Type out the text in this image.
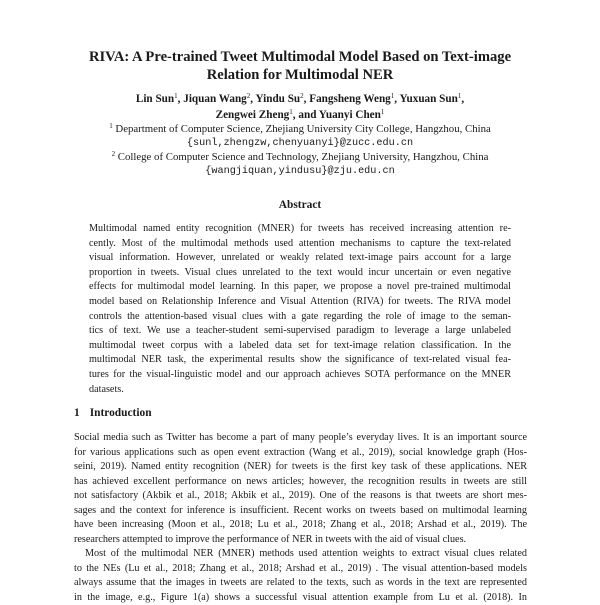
RIVA: A Pre-trained Tweet Multimodal Model Based on Text-image
Relation for Multimodal NER
Lin Sun$^1$, Jiquan Wang$^2$, Yindu Su$^2$, Fangsheng Weng$^1$, Yuxuan Sun$^1$,
Zengwei Zheng$^1$, and Yuanyi Chen$^1$
$^1$ Department of Computer Science, Zhejiang University City College, Hangzhou, China
{sunl,zhengzw,chenyuanyi}@zucc.edu.cn
$^2$ College of Computer Science and Technology, Zhejiang University, Hangzhou, China
{wangjiquan,yindusu}@zju.edu.cn
Abstract
Multimodal named entity recognition (MNER) for tweets has received increasing attention re-
cently. Most of the multimodal methods used attention mechanisms to capture the text-related
visual information. However, unrelated or weakly related text-image pairs account for a large
proportion in tweets. Visual clues unrelated to the text would incur uncertain or even negative
effects for multimodal model learning. In this paper, we propose a novel pre-trained multimodal
model based on Relationship Inference and Visual Attention (RIVA) for tweets. The RIVA model
controls the attention-based visual clues with a gate regarding the role of image to the seman-
tics of text. We use a teacher-student semi-supervised paradigm to leverage a large unlabeled
multimodal tweet corpus with a labeled data set for text-image relation classification. In the
multimodal NER task, the experimental results show the significance of text-related visual fea-
tures for the visual-linguistic model and our approach achieves SOTA performance on the MNER
datasets.
1 Introduction
Social media such as Twitter has become a part of many people’s everyday lives. It is an important source
for various applications such as open event extraction (Wang et al., 2019), social knowledge graph (Hos-
seini, 2019). Named entity recognition (NER) for tweets is the first key task of these applications. NER
has achieved excellent performance on news articles; however, the recognition results in tweets are still
not satisfactory (Akbik et al., 2018; Akbik et al., 2019). One of the reasons is that tweets are short mes-
sages and the context for inference is insufficient. Recent works on tweets based on multimodal learning
have been increasing (Moon et al., 2018; Lu et al., 2018; Zhang et al., 2018; Arshad et al., 2019). The
researchers attempted to improve the performance of NER in tweets with the aid of visual clues.
Most of the multimodal NER (MNER) methods used attention weights to extract visual clues related
to the NEs (Lu et al., 2018; Zhang et al., 2018; Arshad et al., 2019) . The visual attention-based models
always assume that the images in tweets are related to the texts, such as words in the text are represented
in the image, e.g., Figure 1(a) shows a successful visual attention example from Lu et al. (2018). In
